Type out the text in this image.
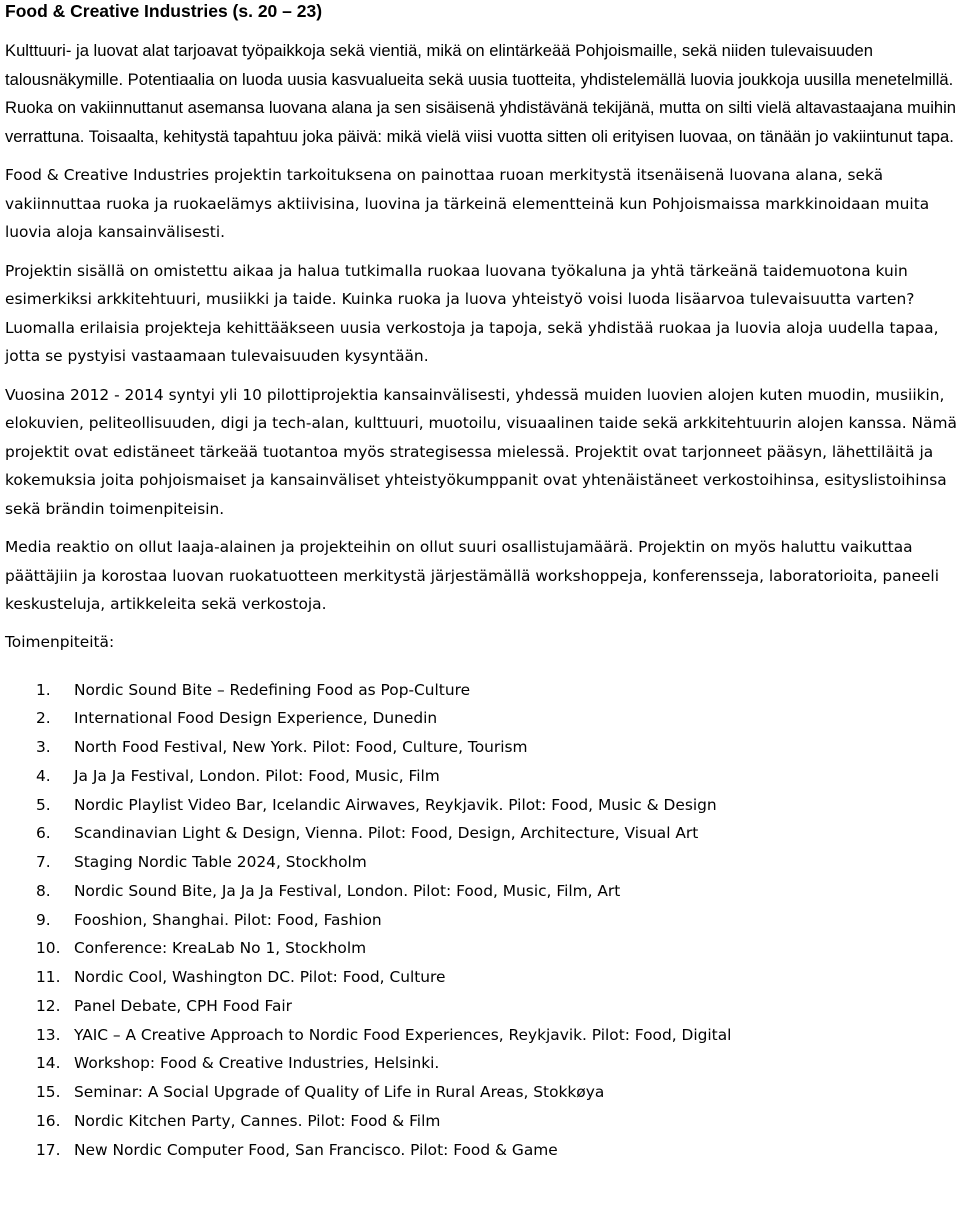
Food & Creative Industries (s. 20 – 23)

Kulttuuri- ja luovat alat tarjoavat työpaikkoja sekä vientiä, mikä on elintärkeää Pohjoismaille, sekä niiden tulevaisuuden talousnäkymille. Potentiaalia on luoda uusia kasvualueita sekä uusia tuotteita, yhdistelemällä luovia joukkoja uusilla menetelmillä. Ruoka on vakiinnuttanut asemansa luovana alana ja sen sisäisenä yhdistävänä tekijänä, mutta on silti vielä altavastaajana muihin verrattuna. Toisaalta, kehitystä tapahtuu joka päivä: mikä vielä viisi vuotta sitten oli erityisen luovaa, on tänään jo vakiintunut tapa.

Food & Creative Industries projektin tarkoituksena on painottaa ruoan merkitystä itsenäisenä luovana alana, sekä vakiinnuttaa ruoka ja ruokaelämys aktiivisina, luovina ja tärkeinä elementteinä kun Pohjoismaissa markkinoidaan muita luovia aloja kansainvälisesti.

Projektin sisällä on omistettu aikaa ja halua tutkimalla ruokaa luovana työkaluna ja yhtä tärkeänä taidemuotona kuin esimerkiksi arkkitehtuuri, musiikki ja taide. Kuinka ruoka ja luova yhteistyö voisi luoda lisäarvoa tulevaisuutta varten? Luomalla erilaisia projekteja kehittääkseen uusia verkostoja ja tapoja, sekä yhdistää ruokaa ja luovia aloja uudella tapaa, jotta se pystyisi vastaamaan tulevaisuuden kysyntään.

Vuosina 2012 - 2014 syntyi yli 10 pilottiprojektia kansainvälisesti, yhdessä muiden luovien alojen kuten muodin, musiikin, elokuvien, peliteollisuuden, digi ja tech-alan, kulttuuri, muotoilu, visuaalinen taide sekä arkkitehtuurin alojen kanssa. Nämä projektit ovat edistäneet tärkeää tuotantoa myös strategisessa mielessä. Projektit ovat tarjonneet pääsyn, lähettiläitä ja kokemuksia joita pohjoismaiset ja kansainväliset yhteistyökumppanit ovat yhtenäistäneet verkostoihinsa, esityslistoihinsa sekä brändin toimenpiteisin.

Media reaktio on ollut laaja-alainen ja projekteihin on ollut suuri osallistujamäärä. Projektin on myös haluttu vaikuttaa päättäjiin ja korostaa luovan ruokatuotteen merkitystä järjestämällä workshoppeja, konferensseja, laboratorioita, paneeli keskusteluja, artikkeleita sekä verkostoja.

Toimenpiteitä:

1.	Nordic Sound Bite – Redefining Food as Pop-Culture
2.	International Food Design Experience, Dunedin
3.	North Food Festival, New York. Pilot: Food, Culture, Tourism
4.	Ja Ja Ja Festival, London. Pilot: Food, Music, Film
5.	Nordic Playlist Video Bar, Icelandic Airwaves, Reykjavik. Pilot: Food, Music & Design
6.	Scandinavian Light & Design, Vienna. Pilot: Food, Design, Architecture, Visual Art
7.	Staging Nordic Table 2024, Stockholm
8.	Nordic Sound Bite, Ja Ja Ja Festival, London. Pilot: Food, Music, Film, Art
9.	Fooshion, Shanghai. Pilot: Food, Fashion
10. Conference: KreaLab No 1, Stockholm
11. Nordic Cool, Washington DC. Pilot: Food, Culture
12. Panel Debate, CPH Food Fair
13. YAIC – A Creative Approach to Nordic Food Experiences, Reykjavik. Pilot: Food, Digital
14. Workshop: Food & Creative Industries, Helsinki.
15. Seminar: A Social Upgrade of Quality of Life in Rural Areas, Stokkøya
16. Nordic Kitchen Party, Cannes. Pilot: Food & Film
17. New Nordic Computer Food, San Francisco. Pilot: Food & Game
